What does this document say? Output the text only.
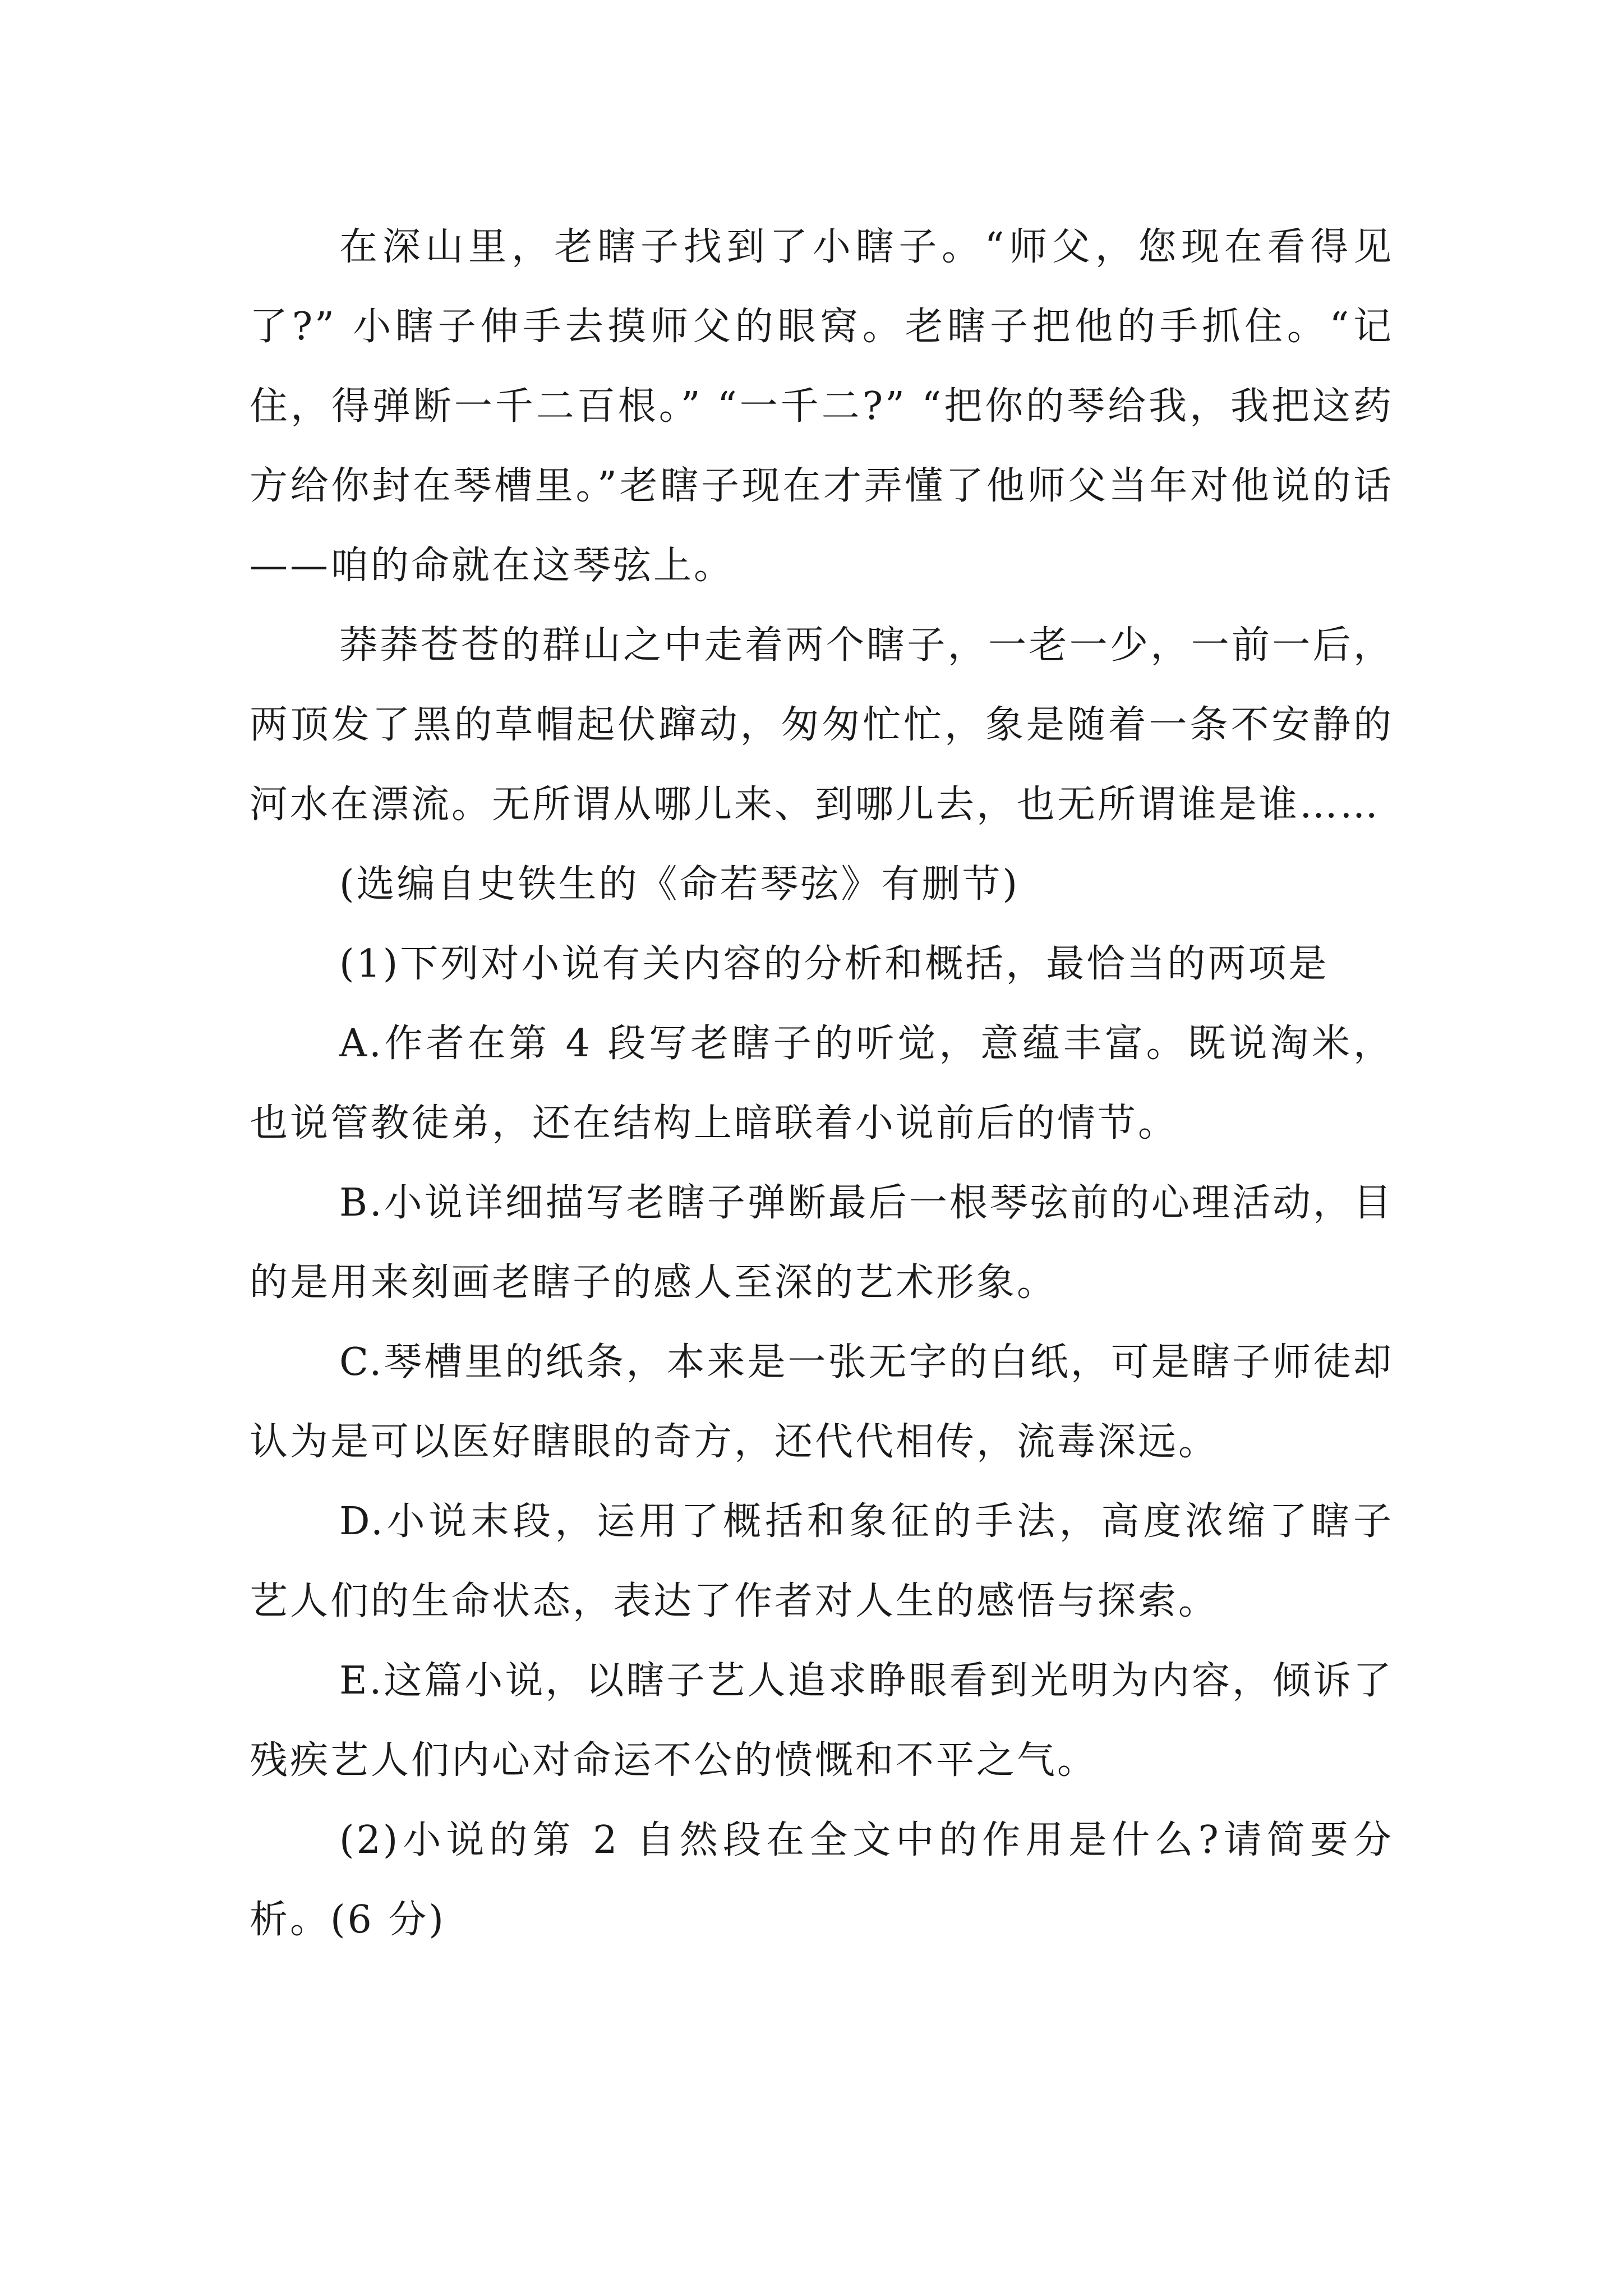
在深山里，老瞎子找到了小瞎子。“师父，您现在看得见了?” 小瞎子伸手去摸师父的眼窝。老瞎子把他的手抓住。“记住，得弹断一千二百根。” “一千二?” “把你的琴给我，我把这药方给你封在琴槽里。”老瞎子现在才弄懂了他师父当年对他说的话——咱的命就在这琴弦上。

莽莽苍苍的群山之中走着两个瞎子，一老一少，一前一后，两顶发了黑的草帽起伏蹿动，匆匆忙忙，象是随着一条不安静的河水在漂流。无所谓从哪儿来、到哪儿去，也无所谓谁是谁……

(选编自史铁生的《命若琴弦》有删节)

(1)下列对小说有关内容的分析和概括，最恰当的两项是

A.作者在第 4 段写老瞎子的听觉，意蕴丰富。既说淘米，也说管教徒弟，还在结构上暗联着小说前后的情节。

B.小说详细描写老瞎子弹断最后一根琴弦前的心理活动，目的是用来刻画老瞎子的感人至深的艺术形象。

C.琴槽里的纸条，本来是一张无字的白纸，可是瞎子师徒却认为是可以医好瞎眼的奇方，还代代相传，流毒深远。

D.小说末段，运用了概括和象征的手法，高度浓缩了瞎子艺人们的生命状态，表达了作者对人生的感悟与探索。

E.这篇小说，以瞎子艺人追求睁眼看到光明为内容，倾诉了残疾艺人们内心对命运不公的愤慨和不平之气。

(2)小说的第 2 自然段在全文中的作用是什么?请简要分析。(6 分)
